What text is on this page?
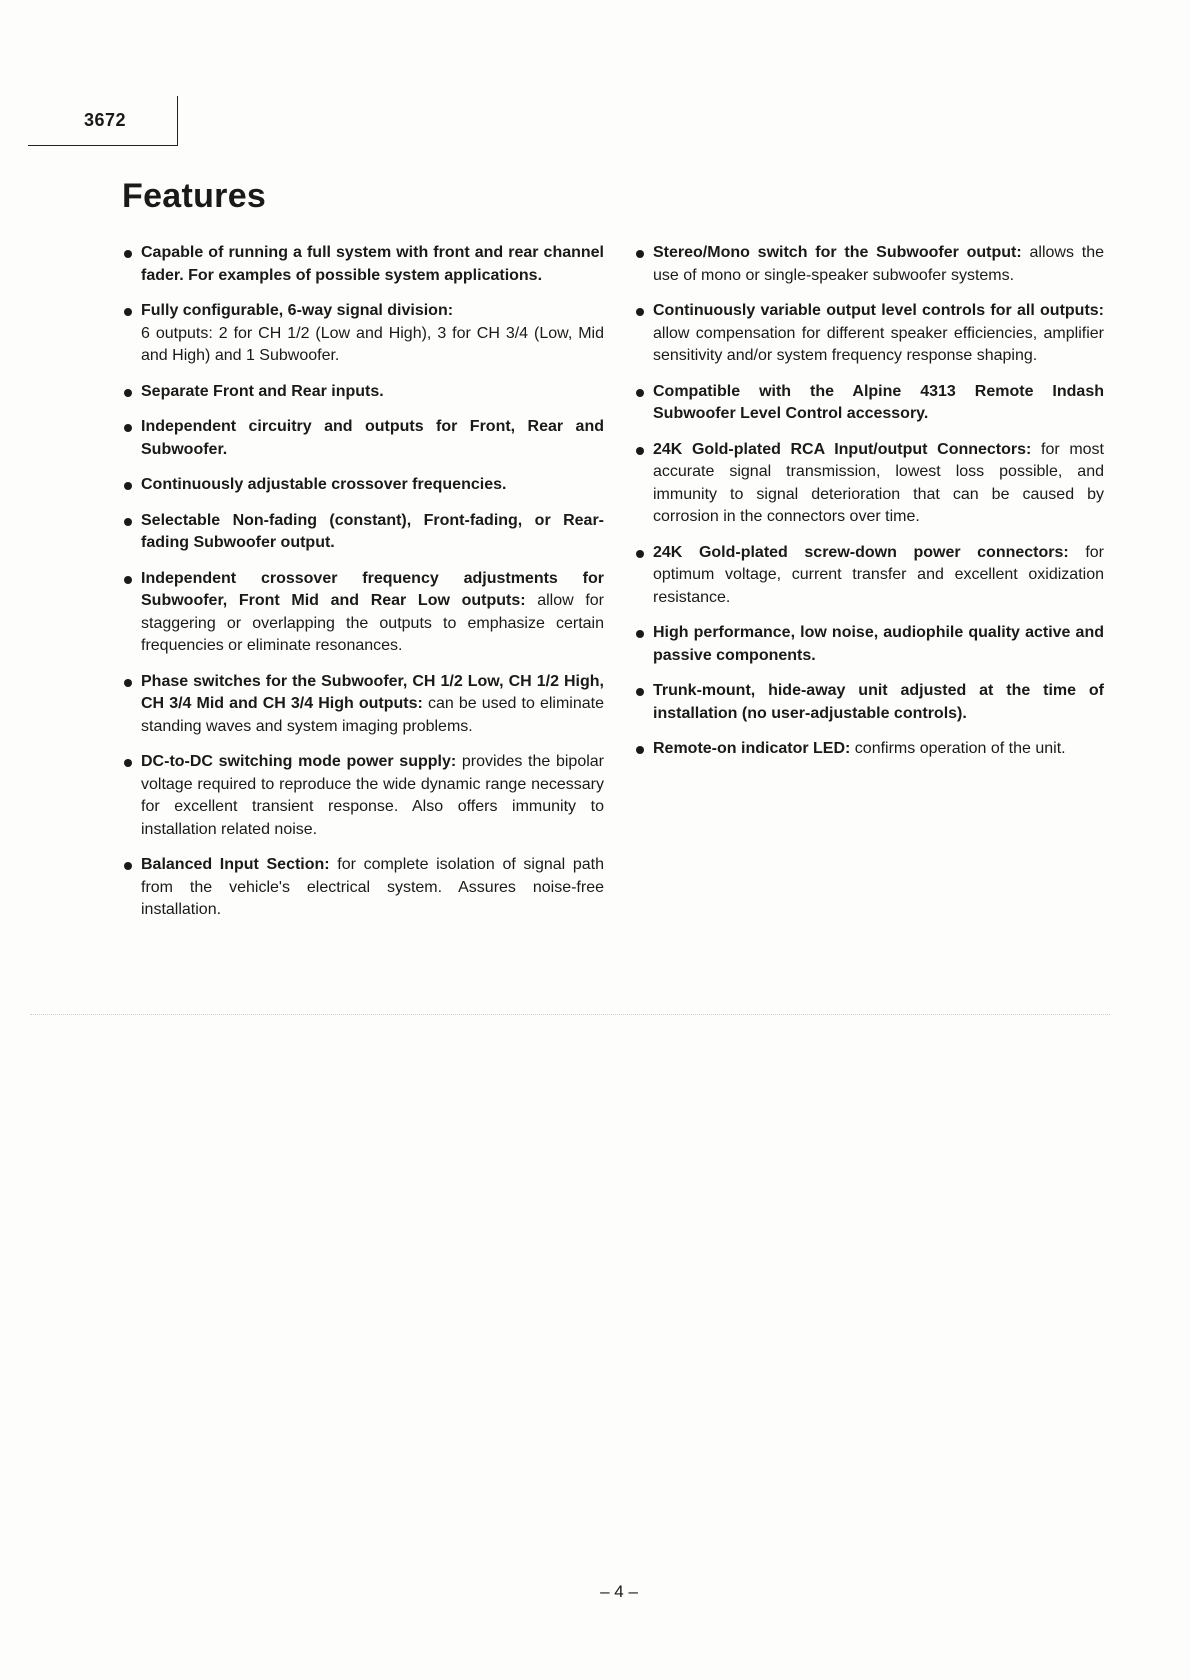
3672
Features
Capable of running a full system with front and rear channel fader. For examples of possible system applications.
Fully configurable, 6-way signal division:
6 outputs: 2 for CH 1/2 (Low and High), 3 for CH 3/4 (Low, Mid and High) and 1 Subwoofer.
Separate Front and Rear inputs.
Independent circuitry and outputs for Front, Rear and Subwoofer.
Continuously adjustable crossover frequencies.
Selectable Non-fading (constant), Front-fading, or Rear-fading Subwoofer output.
Independent crossover frequency adjustments for Subwoofer, Front Mid and Rear Low outputs: allow for staggering or overlapping the outputs to emphasize certain frequencies or eliminate resonances.
Phase switches for the Subwoofer, CH 1/2 Low, CH 1/2 High, CH 3/4 Mid and CH 3/4 High outputs: can be used to eliminate standing waves and system imaging problems.
DC-to-DC switching mode power supply: provides the bipolar voltage required to reproduce the wide dynamic range necessary for excellent transient response. Also offers immunity to installation related noise.
Balanced Input Section: for complete isolation of signal path from the vehicle's electrical system. Assures noise-free installation.
Stereo/Mono switch for the Subwoofer output: allows the use of mono or single-speaker subwoofer systems.
Continuously variable output level controls for all outputs: allow compensation for different speaker efficiencies, amplifier sensitivity and/or system frequency response shaping.
Compatible with the Alpine 4313 Remote Indash Subwoofer Level Control accessory.
24K Gold-plated RCA Input/output Connectors: for most accurate signal transmission, lowest loss possible, and immunity to signal deterioration that can be caused by corrosion in the connectors over time.
24K Gold-plated screw-down power connectors: for optimum voltage, current transfer and excellent oxidization resistance.
High performance, low noise, audiophile quality active and passive components.
Trunk-mount, hide-away unit adjusted at the time of installation (no user-adjustable controls).
Remote-on indicator LED: confirms operation of the unit.
– 4 –
